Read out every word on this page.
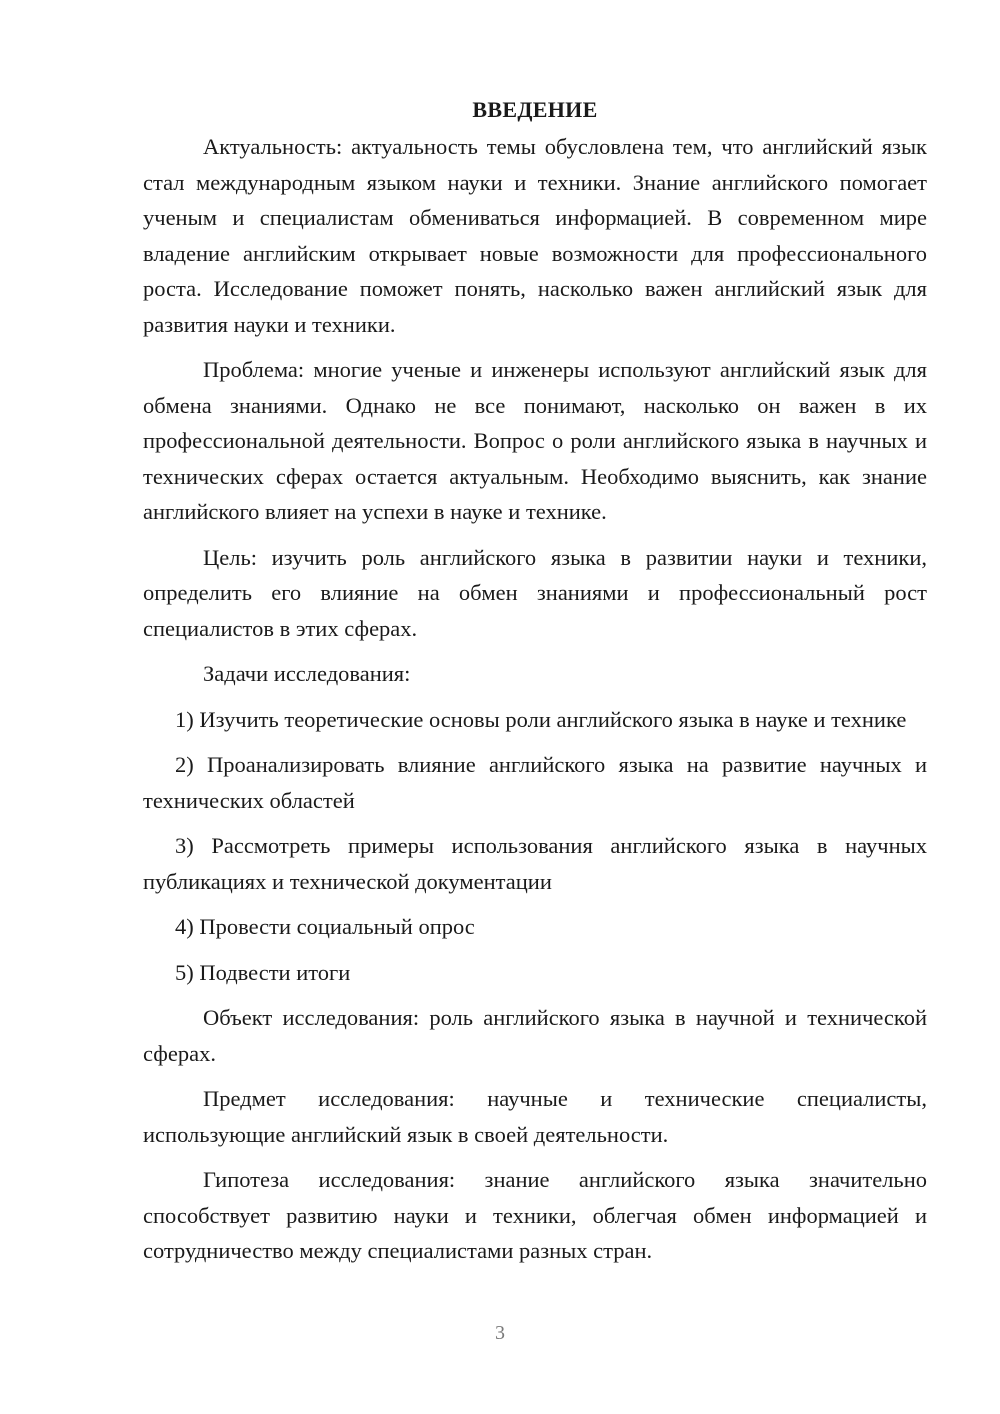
ВВЕДЕНИЕ

Актуальность: актуальность темы обусловлена тем, что английский язык стал международным языком науки и техники. Знание английского помогает ученым и специалистам обмениваться информацией. В современном мире владение английским открывает новые возможности для профессионального роста. Исследование поможет понять, насколько важен английский язык для развития науки и техники.

Проблема: многие ученые и инженеры используют английский язык для обмена знаниями. Однако не все понимают, насколько он важен в их профессиональной деятельности. Вопрос о роли английского языка в научных и технических сферах остается актуальным. Необходимо выяснить, как знание английского влияет на успехи в науке и технике.

Цель: изучить роль английского языка в развитии науки и техники, определить его влияние на обмен знаниями и профессиональный рост специалистов в этих сферах.

Задачи исследования:

1) Изучить теоретические основы роли английского языка в науке и технике

2) Проанализировать влияние английского языка на развитие научных и технических областей

3) Рассмотреть примеры использования английского языка в научных публикациях и технической документации

4) Провести социальный опрос

5) Подвести итоги

Объект исследования: роль английского языка в научной и технической сферах.

Предмет исследования: научные и технические специалисты, использующие английский язык в своей деятельности.

Гипотеза исследования: знание английского языка значительно способствует развитию науки и техники, облегчая обмен информацией и сотрудничество между специалистами разных стран.

3
